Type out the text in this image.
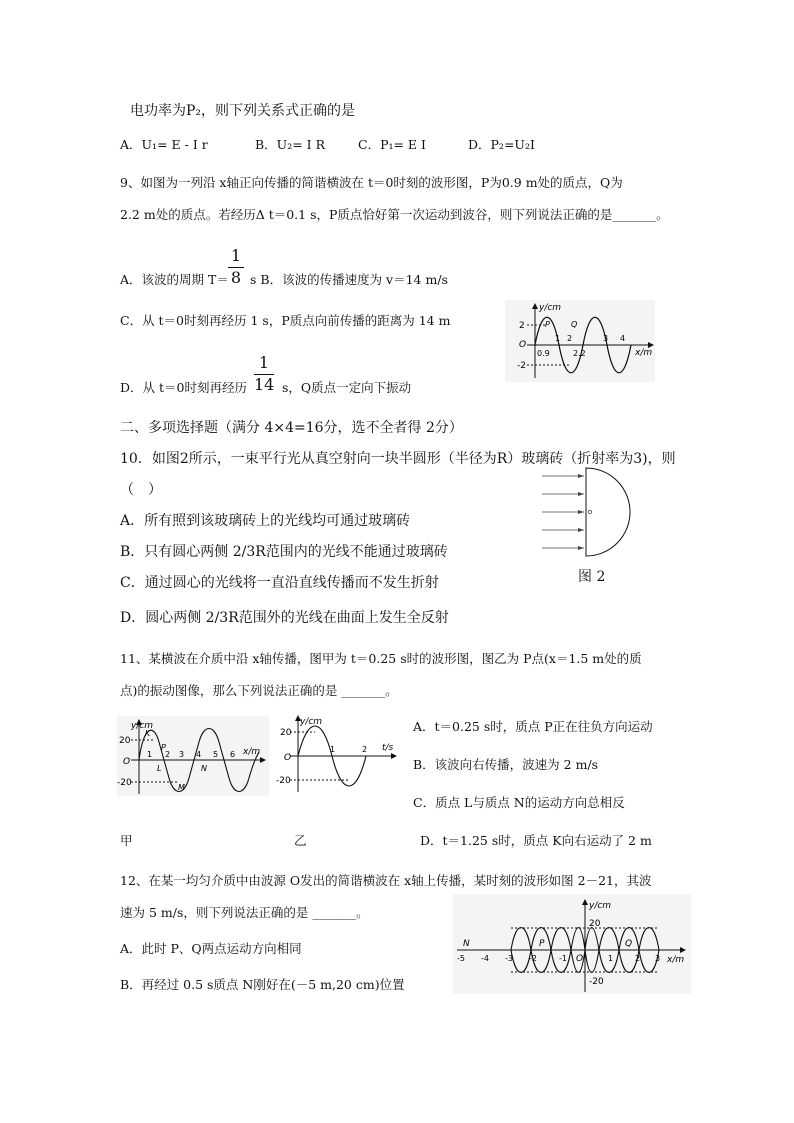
电功率为P₂，则下列关系式正确的是
A．U₁= E - I r	B．U₂= I R	C．P₁= E I	D．P₂=U₂I
9、如图为一列沿 x轴正向传播的简谐横波在 t＝0时刻的波形图，P为0.9 m处的质点，Q为
2.2 m处的质点。若经历Δ t＝0.1 s，P质点恰好第一次运动到波谷，则下列说法正确的是_______。
A．该波的周期 $T= \frac{1}{8}$ s B．该波的传播速度为 v＝14 m/s
C．从 t＝0时刻再经历 1 s，P质点向前传播的距离为 14 m
D．从 t＝0时刻再经历 $\frac{1}{14}$ s，Q质点一定向下振动
二、多项选择题（满分 4×4=16分，选不全者得 2分）
10．如图2所示，一束平行光从真空射向一块半圆形（半径为R）玻璃砖（折射率为3)，则
（　）
A．所有照到该玻璃砖上的光线均可通过玻璃砖
B．只有圆心两侧 2/3R范围内的光线不能通过玻璃砖
C．通过圆心的光线将一直沿直线传播而不发生折射
D．圆心两侧 2/3R范围外的光线在曲面上发生全反射
图 2
11、某横波在介质中沿 x轴传播，图甲为 t＝0.25 s时的波形图，图乙为 P点(x＝1.5 m处的质
点)的振动图像，那么下列说法正确的是 _______。
A．t＝0.25 s时，质点 P正在往负方向运动
B．该波向右传播，波速为 2 m/s
C．质点 L与质点 N的运动方向总相反
甲	乙	D．t＝1.25 s时，质点 K向右运动了 2 m
12、在某一均匀介质中由波源 O发出的简谐横波在 x轴上传播，某时刻的波形如图 2－21，其波
速为 5 m/s，则下列说法正确的是 _______。
A．此时 P、Q两点运动方向相同
B．再经过 0.5 s质点 N刚好在(－5 m,20 cm)位置
y/cm
x/m
2
-2
O
P	Q
0.9
1 2
2.2
3 4
y/cm
x/m
20
-20
O
K
P
L	N
M
1 2 3 4 5 6
y/cm
t/s
20
-20
O
1	2
y/cm
x/m
20
-20
N	P	Q
O
-5 -4 -3 -2	-1	1	2 3
